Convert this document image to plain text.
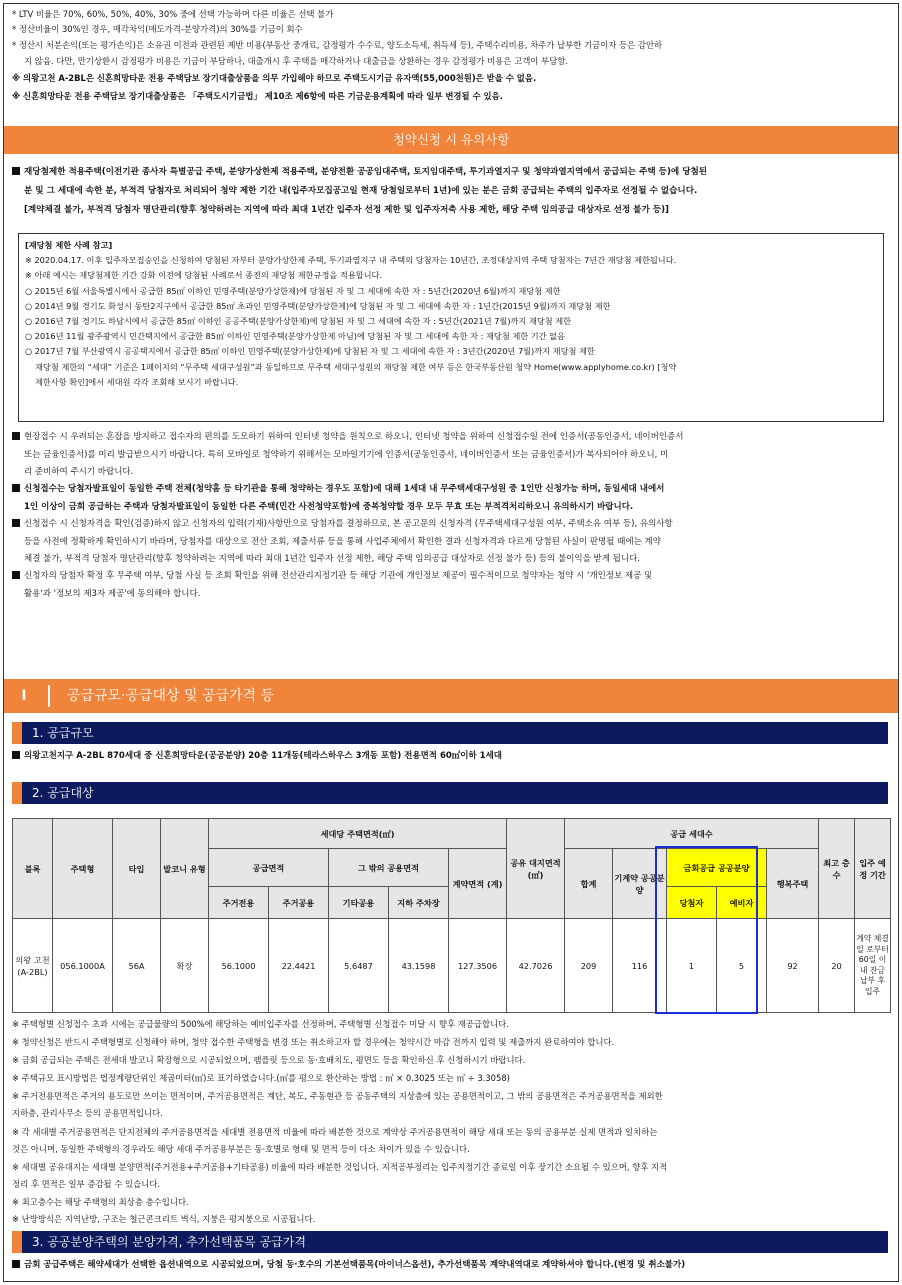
* LTV 비율은 70%, 60%, 50%, 40%, 30% 중에 선택 가능하며 다른 비율은 선택 불가
* 정산비율이 30%인 경우, 매각차익(매도가격-분양가격)의 30%를 기금이 회수
* 정산시 처분손익(또는 평가손익)은 소유권 이전과 관련된 제반 비용(부동산 중개료, 감정평가 수수료, 양도소득세, 취득세 등), 주택수리비용, 차주가 납부한 기금이자 등은 감안하
지 않음. 다만, 만기상환시 감정평가 비용은 기금이 부담하나, 대출개시 후 주택을 매각하거나 대출금을 상환하는 경우 감정평가 비용은 고객이 부담함.
※ 의왕고천 A-2BL은 신혼희망타운 전용 주택담보 장기대출상품을 의무 가입해야 하므로 주택도시기금 유자액(55,000천원)은 받을 수 없음.
※ 신혼희망타운 전용 주택담보 장기대출상품은 「주택도시기금법」 제10조 제6항에 따른 기금운용계획에 따라 일부 변경될 수 있음.
청약신청 시 유의사항
재당첨제한 적용주택(이전기관 종사자 특별공급 주택, 분양가상한제 적용주택, 분양전환 공공임대주택, 토지임대주택, 투기과열지구 및 청약과열지역에서 공급되는 주택 등)에 당첨된
분 및 그 세대에 속한 분, 부적격 당첨자로 처리되어 청약 제한 기간 내(입주자모집공고일 현재 당첨일로부터 1년)에 있는 분은 금회 공급되는 주택의 입주자로 선정될 수 없습니다.
[계약체결 불가, 부적격 당첨자 명단관리(향후 청약하려는 지역에 따라 최대 1년간 입주자 선정 제한 및 입주자저축 사용 제한, 해당 주택 임의공급 대상자로 선정 불가 등)]
[재당첨 제한 사례 참고]
※ 2020.04.17. 이후 입주자모집승인을 신청하여 당첨된 자부터 분양가상한제 주택, 투기과열지구 내 주택의 당첨자는 10년간, 조정대상지역 주택 당첨자는 7년간 재당첨 제한됩니다.
※ 아래 예시는 재당첨제한 기간 강화 이전에 당첨된 사례로서 종전의 재당첨 제한규정을 적용합니다.
○ 2015년 6월 서울특별시에서 공급한 85㎡ 이하인 민영주택(분양가상한제)에 당첨된 자 및 그 세대에 속한 자 : 5년간(2020년 6월)까지 재당첨 제한
○ 2014년 9월 경기도 화성시 동탄2지구에서 공급한 85㎡ 초과인 민영주택(분양가상한제)에 당첨된 자 및 그 세대에 속한 자 : 1년간(2015년 9월)까지 재당첨 제한
○ 2016년 7월 경기도 하남시에서 공급한 85㎡ 이하인 공공주택(분양가상한제)에 당첨된 자 및 그 세대에 속한 자 : 5년간(2021년 7월)까지 재당첨 제한
○ 2016년 11월 광주광역시 민간택지에서 공급한 85㎡ 이하인 민영주택(분양가상한제 아님)에 당첨된 자 및 그 세대에 속한 자 : 재당첨 제한 기간 없음
○ 2017년 7월 부산광역시 공공택지에서 공급한 85㎡ 이하인 민영주택(분양가상한제)에 당첨된 자 및 그 세대에 속한 자 : 3년간(2020년 7월)까지 재당첨 제한
재당첨 제한의 “세대” 기준은 1페이지의 “무주택 세대구성원”과 동일하므로 무주택 세대구성원의 재당첨 제한 여부 등은 한국부동산원 청약 Home(www.applyhome.co.kr) [청약
제한사항 확인]에서 세대원 각각 조회해 보시기 바랍니다.
현장접수 시 우려되는 혼잡을 방지하고 접수자의 편의를 도모하기 위하여 인터넷 청약을 원칙으로 하오니, 인터넷 청약을 위하여 신청접수일 전에 인증서(공동인증서, 네이버인증서
또는 금융인증서)를 미리 발급받으시기 바랍니다. 특히 모바일로 청약하기 위해서는 모바일기기에 인증서(공동인증서, 네이버인증서 또는 금융인증서)가 복사되어야 하오니, 미
리 준비하여 주시기 바랍니다.
신청접수는 당첨자발표일이 동일한 주택 전체(청약홈 등 타기관을 통해 청약하는 경우도 포함)에 대해 1세대 내 무주택세대구성원 중 1인만 신청가능 하며, 동일세대 내에서
1인 이상이 금회 공급하는 주택과 당첨자발표일이 동일한 다른 주택(민간 사전청약포함)에 중복청약할 경우 모두 무효 또는 부적격처리하오니 유의하시기 바랍니다.
신청접수 시 신청자격을 확인(검증)하지 않고 신청자의 입력(기재)사항만으로 당첨자를 결정하므로, 본 공고문의 신청자격 (무주택세대구성원 여부, 주택소유 여부 등), 유의사항
등을 사전에 정확하게 확인하시기 바라며, 당첨자를 대상으로 전산 조회, 제출서류 등을 통해 사업주체에서 확인한 결과 신청자격과 다르게 당첨된 사실이 판명될 때에는 계약
체결 불가, 부적격 당첨자 명단관리(향후 청약하려는 지역에 따라 최대 1년간 입주자 선정 제한, 해당 주택 임의공급 대상자로 선정 불가 등) 등의 불이익을 받게 됩니다.
신청자의 당첨자 확정 후 무주택 여부, 당첨 사실 등 조회 확인을 위해 전산관리지정기관 등 해당 기관에 개인정보 제공이 필수적이므로 청약자는 청약 시 '개인정보 제공 및
활용'과 '정보의 제3자 제공'에 동의해야 합니다.
I	공급규모·공급대상 및 공급가격 등
1. 공급규모
의왕고천지구 A-2BL 870세대 중 신혼희망타운(공공분양) 20층 11개동(테라스하우스 3개동 포함) 전용면적 60㎡이하 1세대
2. 공급대상
블록	주택형	타입	발코니 유형	세대당 주택면적(㎡)					공유 대지면적 (㎡)	공급 세대수					최고 층수	입주 예정 기간
				공급면적		그 밖의 공용면적		계약면적 (계)		합계	기계약 공공분양	금회공급 공공분양		행복주택		
				주거전용	주거공용	기타공용	지하 주차장					당첨자	예비자			
의왕 고천 (A-2BL)	056.1000A	56A	확장	56.1000	22.4421	5.6487	43.1598	127.3506	42.7026	209	116	1	5	92	20	계약 체결일 로부터 60일 이내 잔금 납부 후 입주
※ 주택형별 신청접수 초과 시에는 공급물량의 500%에 해당하는 예비입주자를 선정하며, 주택형별 신청접수 미달 시 향후 재공급합니다.
※ 청약신청은 반드시 주택형별로 신청해야 하며, 청약 접수한 주택형을 변경 또는 취소하고자 할 경우에는 청약시간 마감 전까지 입력 및 제출까지 완료하여야 합니다.
※ 금회 공급되는 주택은 전세대 발코니 확장형으로 시공되었으며, 팸플릿 등으로 동·호배치도, 평면도 등을 확인하신 후 신청하시기 바랍니다.
※ 주택규모 표시방법은 법정계량단위인 제곱미터(㎡)로 표기하였습니다.(㎡를 평으로 환산하는 방법 : ㎡ × 0.3025 또는 ㎡ ÷ 3.3058)
※ 주거전용면적은 주거의 용도로만 쓰이는 면적이며, 주거공용면적은 계단, 복도, 주동현관 등 공동주택의 지상층에 있는 공용면적이고, 그 밖의 공용면적은 주거공용면적을 제외한
지하층, 관리사무소 등의 공용면적입니다.
※ 각 세대별 주거공용면적은 단지전체의 주거공용면적을 세대별 전용면적 비율에 따라 배분한 것으로 계약상 주거공용면적이 해당 세대 또는 동의 공용부분 실제 면적과 일치하는
것은 아니며, 동일한 주택형의 경우라도 해당 세대 주거공용부분은 동·호별로 형태 및 면적 등이 다소 차이가 있을 수 있습니다.
※ 세대별 공유대지는 세대별 분양면적(주거전용+주거공용+기타공용) 비율에 따라 배분한 것입니다. 지적공부정리는 입주지정기간 종료일 이후 장기간 소요될 수 있으며, 향후 지적
정리 후 면적은 일부 증감될 수 있습니다.
※ 최고층수는 해당 주택형의 최상층 층수입니다.
※ 난방방식은 지역난방, 구조는 철근콘크리트 벽식, 지붕은 평지붕으로 시공됩니다.
3. 공공분양주택의 분양가격, 추가선택품목 공급가격
금회 공급주택은 해약세대가 선택한 옵션내역으로 시공되었으며, 당첨 동·호수의 기본선택품목(마이너스옵션), 추가선택품목 계약내역대로 계약하셔야 합니다.(변경 및 취소불가)
